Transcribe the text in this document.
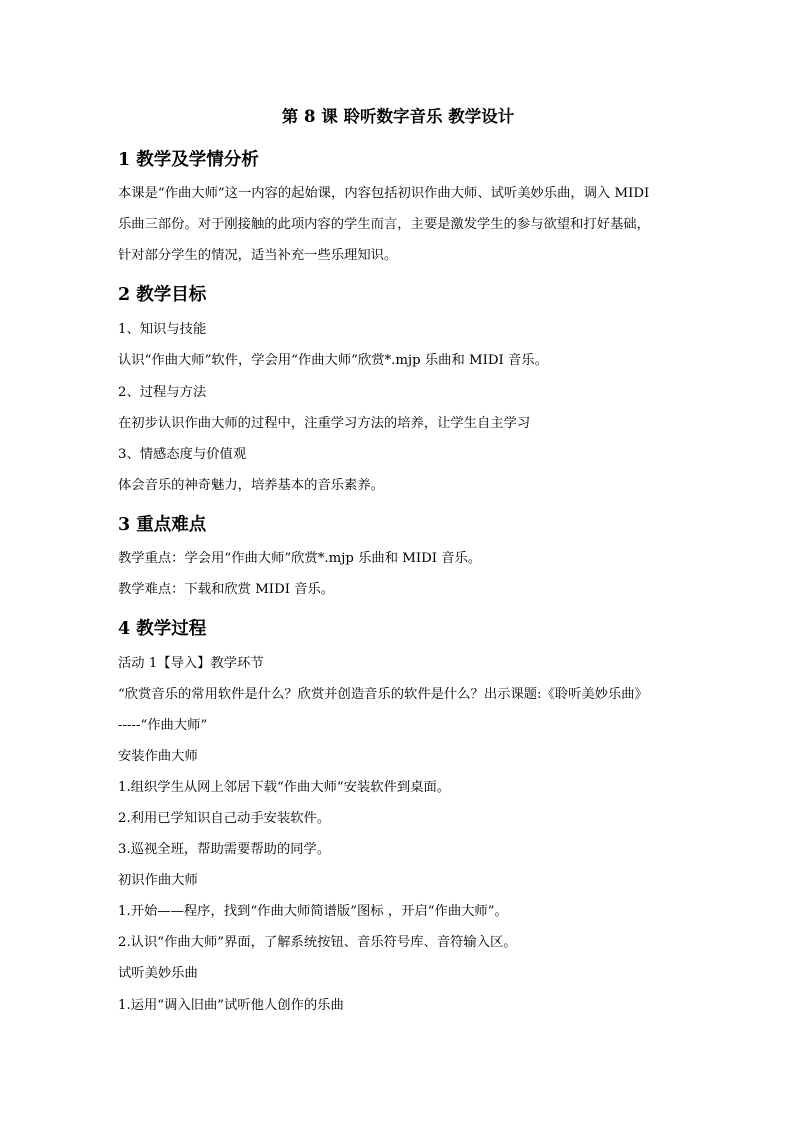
第 8 课 聆听数字音乐 教学设计
1 教学及学情分析
本课是“作曲大师”这一内容的起始课，内容包括初识作曲大师、试听美妙乐曲，调入 MIDI
乐曲三部份。对于刚接触的此项内容的学生而言，主要是激发学生的参与欲望和打好基础，
针对部分学生的情况，适当补充一些乐理知识。
2 教学目标
1、知识与技能
认识“作曲大师”软件，学会用“作曲大师”欣赏*.mjp 乐曲和 MIDI 音乐。
2、过程与方法
在初步认识作曲大师的过程中，注重学习方法的培养，让学生自主学习
3、情感态度与价值观
体会音乐的神奇魅力，培养基本的音乐素养。
3 重点难点
教学重点：学会用“作曲大师”欣赏*.mjp 乐曲和 MIDI 音乐。
教学难点：下载和欣赏 MIDI 音乐。
4 教学过程
活动 1【导入】教学环节
“欣赏音乐的常用软件是什么？欣赏并创造音乐的软件是什么？出示课题:《聆听美妙乐曲》
-----“作曲大师”
安装作曲大师
1.组织学生从网上邻居下载“作曲大师”安装软件到桌面。
2.利用已学知识自己动手安装软件。
3.巡视全班，帮助需要帮助的同学。
初识作曲大师
1.开始——程序，找到“作曲大师简谱版”图标 ，开启“作曲大师”。
2.认识“作曲大师”界面，了解系统按钮、音乐符号库、音符输入区。
试听美妙乐曲
1.运用“调入旧曲”试听他人创作的乐曲
